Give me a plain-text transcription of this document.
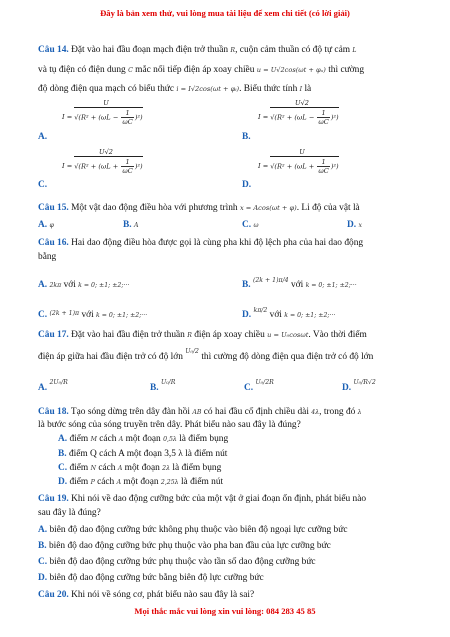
Đây là bản xem thử, vui lòng mua tài liệu để xem chi tiết (có lời giải)
Câu 14. Đặt vào hai đầu đoạn mạch điện trở thuần R, cuộn cảm thuần có độ tự cảm L
và tụ điện có điện dung C mắc nối tiếp điện áp xoay chiều u = U√2cos(ωt + φᵤ) thì cường
độ dòng điện qua mạch có biểu thức i = I√2cos(ωt + φᵢ). Biểu thức tính I là
U
$I = √(R^2 + (\omega L - \frac{1}{\omega C} )^2)$
U√2
$I = √(R^2 + (\omega L - \frac{1}{\omega C} )^2)$
A.	B.
U√2
$I = √(R^2 + (\omega L + \frac{1}{\omega C} )^2)$
U
$I = √(R^2 + (\omega L + \frac{1}{\omega C} )^2)$
C.	D.
Câu 15. Một vật dao động điều hòa với phương trình x = Acos(ωt + φ). Li độ của vật là
A. φ	B. A	C. ω	D. x
Câu 16. Hai dao động điều hòa được gọi là cùng pha khi độ lệch pha của hai dao động
bằng
A. 2kπ với k = 0; ±1; ±2;···	B. $^{(2k + 1)\pi/4}$ với k = 0; ±1; ±2;···
C. $^{(2k + 1)\pi}$ với k = 0; ±1; ±2;···	D. $^{k\pi/2}$ với k = 0; ±1; ±2;···
Câu 17. Đặt vào hai đầu điện trở thuần R điện áp xoay chiều u = U₀cosωt. Vào thời điểm
điện áp giữa hai đầu điện trở có độ lớn $^{U_0/2}$ thì cường độ dòng điện qua điện trở có độ lớn
A. $^{2U_0/R}$
B. $^{U_0/R}$
C. $^{U_0/2R}$
D. $^{U_0/R√2}$
Câu 18. Tạo sóng dừng trên dây đàn hồi AB có hai đầu cố định chiều dài 4λ, trong đó λ
là bước sóng của sóng truyền trên dây. Phát biểu nào sau đây là đúng?
A. điểm M cách A một đoạn 0,5λ là điểm bụng
B. điểm Q cách A một đoạn 3,5 λ là điểm nút
C. điểm N cách A một đoạn 2λ là điểm bụng
D. điểm P cách A một đoạn 2,25λ là điểm nút
Câu 19. Khi nói về dao động cưỡng bức của một vật ở giai đoạn ổn định, phát biểu nào
sau đây là đúng?
A. biên độ dao động cưỡng bức không phụ thuộc vào biên độ ngoại lực cưỡng bức
B. biên độ dao động cưỡng bức phụ thuộc vào pha ban đầu của lực cưỡng bức
C. biên độ dao động cưỡng bức phụ thuộc vào tần số dao động cưỡng bức
D. biên độ dao động cưỡng bức bằng biên độ lực cưỡng bức
Câu 20. Khi nói về sóng cơ, phát biểu nào sau đây là sai?
Mọi thắc mắc vui lòng xin vui lòng: 084 283 45 85
